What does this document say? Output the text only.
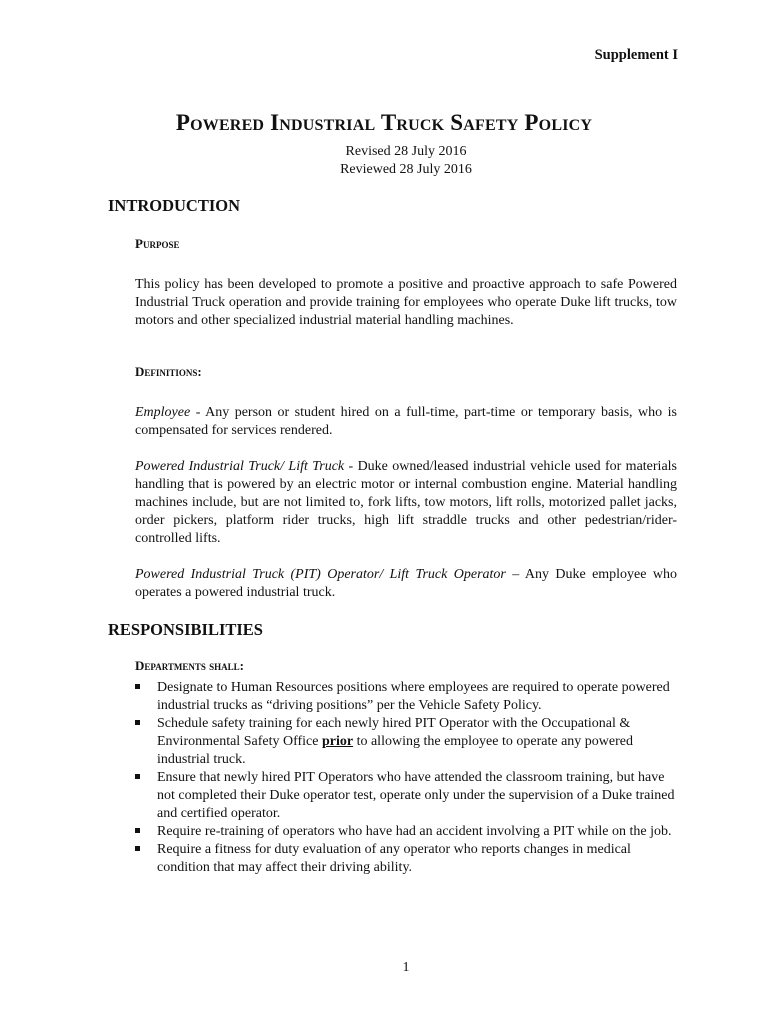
Supplement I
Powered Industrial Truck Safety Policy
Revised 28 July 2016
Reviewed 28 July 2016
INTRODUCTION
Purpose
This policy has been developed to promote a positive and proactive approach to safe Powered Industrial Truck operation and provide training for employees who operate Duke lift trucks, tow motors and other specialized industrial material handling machines.
Definitions:
Employee - Any person or student hired on a full-time, part-time or temporary basis, who is compensated for services rendered.
Powered Industrial Truck/ Lift Truck - Duke owned/leased industrial vehicle used for materials handling that is powered by an electric motor or internal combustion engine. Material handling machines include, but are not limited to, fork lifts, tow motors, lift rolls, motorized pallet jacks, order pickers, platform rider trucks, high lift straddle trucks and other pedestrian/rider-controlled lifts.
Powered Industrial Truck (PIT) Operator/ Lift Truck Operator – Any Duke employee who operates a powered industrial truck.
RESPONSIBILITIES
Departments shall:
Designate to Human Resources positions where employees are required to operate powered industrial trucks as “driving positions” per the Vehicle Safety Policy.
Schedule safety training for each newly hired PIT Operator with the Occupational & Environmental Safety Office prior to allowing the employee to operate any powered industrial truck.
Ensure that newly hired PIT Operators who have attended the classroom training, but have not completed their Duke operator test, operate only under the supervision of a Duke trained and certified operator.
Require re-training of operators who have had an accident involving a PIT while on the job.
Require a fitness for duty evaluation of any operator who reports changes in medical condition that may affect their driving ability.
1
